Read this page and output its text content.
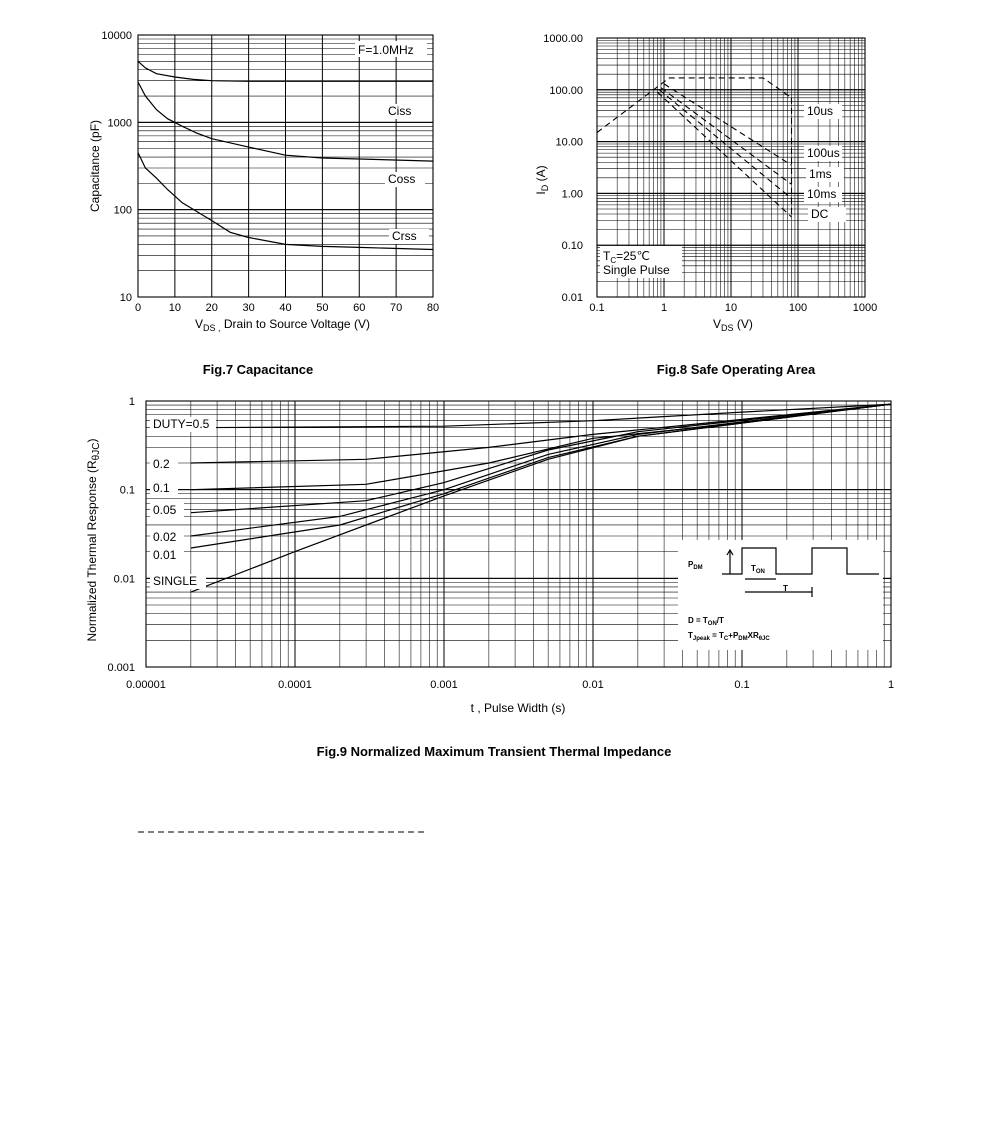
0	10 20 30 40 50 60 70 80
10
100
1000
10000
F=1.0MHz
Ciss
Coss
Crss
$V_{DS ,}$ Drain to Source Voltage (V)
Capacitance (pF)
Fig.7 Capacitance
0.1	1	10	100	1000
0.01
0.10
1.00
10.00
100.00
1000.00
10us
100us
1ms
10ms
DC
$T_C=25℃$
Single Pulse
$V_{DS}$ (V)
$I_D$ (A)
Fig.8 Safe Operating Area
0.00001	0.0001	0.001	0.01	0.1	1
0.001
0.01
0.1
1
DUTY=0.5
0.2
0.1
0.05
0.02
0.01
SINGLE
$P_{DM}$	$T_{ON}$
T
$D = T_{ON}/T$
$T_{Jpeak} = T_C+P_{DM}XR_{\theta JC}$
t , Pulse Width (s)
Normalized Thermal Response $(R_{\theta JC})$
Fig.9 Normalized Maximum Transient Thermal Impedance
